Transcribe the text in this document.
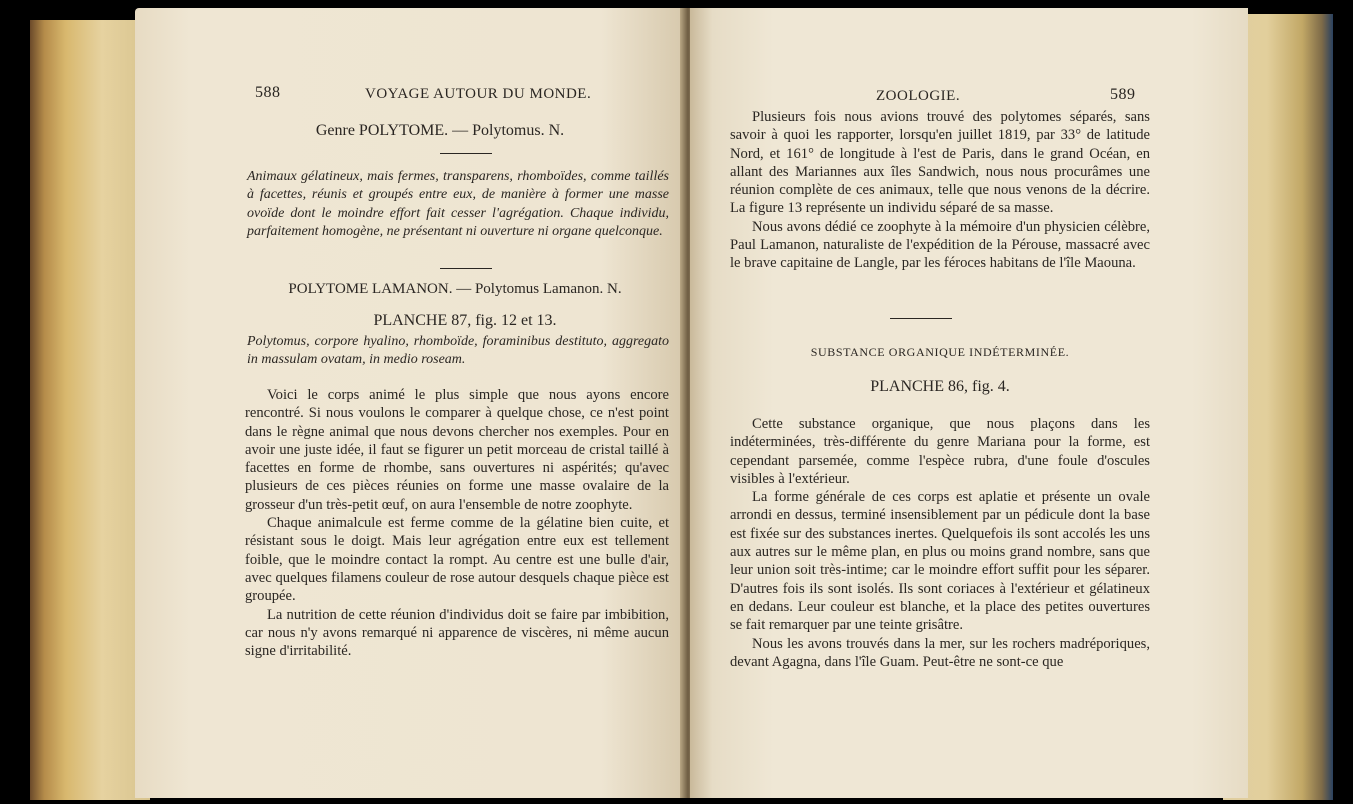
588	VOYAGE AUTOUR DU MONDE.
Genre POLYTOME. — Polytomus. N.
Animaux gélatineux, mais fermes, transparens, rhomboïdes, comme taillés à facettes, réunis et groupés entre eux, de manière à former une masse ovoïde dont le moindre effort fait cesser l'agrégation. Chaque individu, parfaitement homogène, ne présentant ni ouverture ni organe quelconque.
POLYTOME LAMANON. — Polytomus Lamanon. N.
PLANCHE 87, fig. 12 et 13.
Polytomus, corpore hyalino, rhomboïde, foraminibus destituto, aggregato in massulam ovatam, in medio roseam.

Voici le corps animé le plus simple que nous ayons encore rencontré. Si nous voulons le comparer à quelque chose, ce n'est point dans le règne animal que nous devons chercher nos exemples. Pour en avoir une juste idée, il faut se figurer un petit morceau de cristal taillé à facettes en forme de rhombe, sans ouvertures ni aspérités; qu'avec plusieurs de ces pièces réunies on forme une masse ovalaire de la grosseur d'un très-petit œuf, on aura l'ensemble de notre zoophyte.

Chaque animalcule est ferme comme de la gélatine bien cuite, et résistant sous le doigt. Mais leur agrégation entre eux est tellement foible, que le moindre contact la rompt. Au centre est une bulle d'air, avec quelques filamens couleur de rose autour desquels chaque pièce est groupée.

La nutrition de cette réunion d'individus doit se faire par imbibition, car nous n'y avons remarqué ni apparence de viscères, ni même aucun signe d'irritabilité.

ZOOLOGIE.	589

Plusieurs fois nous avions trouvé des polytomes séparés, sans savoir à quoi les rapporter, lorsqu'en juillet 1819, par 33° de latitude Nord, et 161° de longitude à l'est de Paris, dans le grand Océan, en allant des Mariannes aux îles Sandwich, nous nous procurâmes une réunion complète de ces animaux, telle que nous venons de la décrire. La figure 13 représente un individu séparé de sa masse.

Nous avons dédié ce zoophyte à la mémoire d'un physicien célèbre, Paul Lamanon, naturaliste de l'expédition de la Pérouse, massacré avec le brave capitaine de Langle, par les féroces habitans de l'île Maouna.

SUBSTANCE ORGANIQUE INDÉTERMINÉE.
PLANCHE 86, fig. 4.

Cette substance organique, que nous plaçons dans les indéterminées, très-différente du genre Mariana pour la forme, est cependant parsemée, comme l'espèce rubra, d'une foule d'oscules visibles à l'extérieur.

La forme générale de ces corps est aplatie et présente un ovale arrondi en dessus, terminé insensiblement par un pédicule dont la base est fixée sur des substances inertes. Quelquefois ils sont accolés les uns aux autres sur le même plan, en plus ou moins grand nombre, sans que leur union soit très-intime; car le moindre effort suffit pour les séparer. D'autres fois ils sont isolés. Ils sont coriaces à l'extérieur et gélatineux en dedans. Leur couleur est blanche, et la place des petites ouvertures se fait remarquer par une teinte grisâtre.

Nous les avons trouvés dans la mer, sur les rochers madréporiques, devant Agagna, dans l'île Guam. Peut-être ne sont-ce que
